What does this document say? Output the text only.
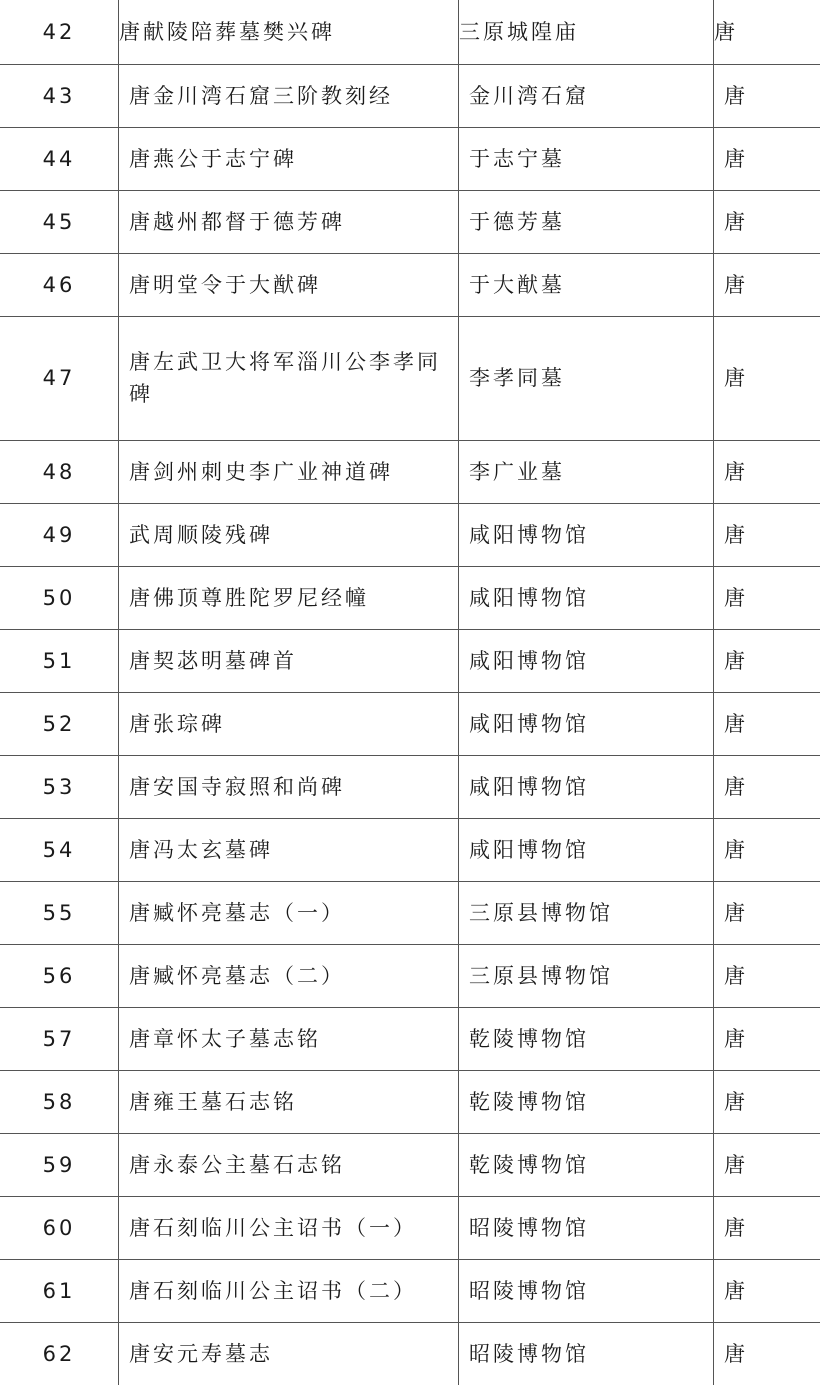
42	唐献陵陪葬墓樊兴碑	三原城隍庙	唐
43	唐金川湾石窟三阶教刻经	金川湾石窟	唐
44	唐燕公于志宁碑	于志宁墓	唐
45	唐越州都督于德芳碑	于德芳墓	唐
46	唐明堂令于大猷碑	于大猷墓	唐
47	唐左武卫大将军淄川公李孝同碑	李孝同墓	唐
48	唐剑州刺史李广业神道碑	李广业墓	唐
49	武周顺陵残碑	咸阳博物馆	唐
50	唐佛顶尊胜陀罗尼经幢	咸阳博物馆	唐
51	唐契苾明墓碑首	咸阳博物馆	唐
52	唐张琮碑	咸阳博物馆	唐
53	唐安国寺寂照和尚碑	咸阳博物馆	唐
54	唐冯太玄墓碑	咸阳博物馆	唐
55	唐臧怀亮墓志（一）	三原县博物馆	唐
56	唐臧怀亮墓志（二）	三原县博物馆	唐
57	唐章怀太子墓志铭	乾陵博物馆	唐
58	唐雍王墓石志铭	乾陵博物馆	唐
59	唐永泰公主墓石志铭	乾陵博物馆	唐
60	唐石刻临川公主诏书（一）	昭陵博物馆	唐
61	唐石刻临川公主诏书（二）	昭陵博物馆	唐
62	唐安元寿墓志	昭陵博物馆	唐
